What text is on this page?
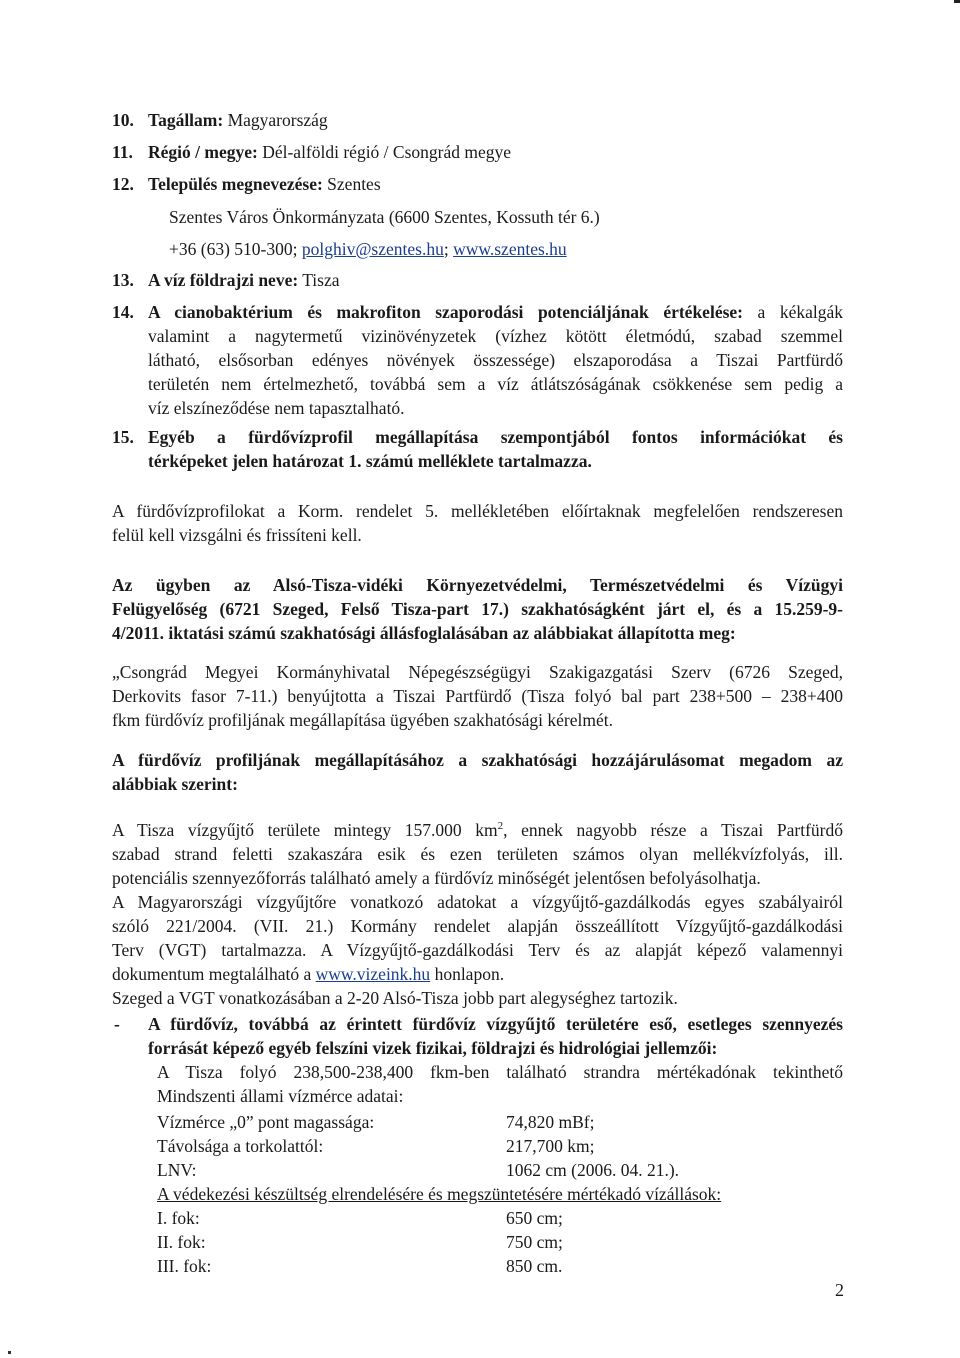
10. Tagállam: Magyarország
11. Régió / megye: Dél-alföldi régió / Csongrád megye
12. Település megnevezése: Szentes
Szentes Város Önkormányzata (6600 Szentes, Kossuth tér 6.)
+36 (63) 510-300; polghiv@szentes.hu; www.szentes.hu
13. A víz földrajzi neve: Tisza
14. A cianobaktérium és makrofiton szaporodási potenciáljának értékelése: a kékalgák
valamint a nagytermetű vizinövényzetek (vízhez kötött életmódú, szabad szemmel
látható, elsősorban edényes növények összessége) elszaporodása a Tiszai Partfürdő
területén nem értelmezhető, továbbá sem a víz átlátszóságának csökkenése sem pedig a
víz elszíneződése nem tapasztalható.
15. Egyéb a fürdővízprofil megállapítása szempontjából fontos információkat és
térképeket jelen határozat 1. számú melléklete tartalmazza.
A fürdővízprofilokat a Korm. rendelet 5. mellékletében előírtaknak megfelelően rendszeresen
felül kell vizsgálni és frissíteni kell.
Az ügyben az Alsó-Tisza-vidéki Környezetvédelmi, Természetvédelmi és Vízügyi
Felügyelőség (6721 Szeged, Felső Tisza-part 17.) szakhatóságként járt el, és a 15.259-9-
4/2011. iktatási számú szakhatósági állásfoglalásában az alábbiakat állapította meg:
„Csongrád Megyei Kormányhivatal Népegészségügyi Szakigazgatási Szerv (6726 Szeged,
Derkovits fasor 7-11.) benyújtotta a Tiszai Partfürdő (Tisza folyó bal part 238+500 – 238+400
fkm fürdővíz profiljának megállapítása ügyében szakhatósági kérelmét.
A fürdővíz profiljának megállapításához a szakhatósági hozzájárulásomat megadom az
alábbiak szerint:
A Tisza vízgyűjtő területe mintegy 157.000 $km^2$, ennek nagyobb része a Tiszai Partfürdő
szabad strand feletti szakaszára esik és ezen területen számos olyan mellékvízfolyás, ill.
potenciális szennyezőforrás található amely a fürdővíz minőségét jelentősen befolyásolhatja.
A Magyarországi vízgyűjtőre vonatkozó adatokat a vízgyűjtő-gazdálkodás egyes szabályairól
szóló 221/2004. (VII. 21.) Kormány rendelet alapján összeállított Vízgyűjtő-gazdálkodási
Terv (VGT) tartalmazza. A Vízgyűjtő-gazdálkodási Terv és az alapját képező valamennyi
dokumentum megtalálható a www.vizeink.hu honlapon.
Szeged a VGT vonatkozásában a 2-20 Alsó-Tisza jobb part alegységhez tartozik.
- A fürdővíz, továbbá az érintett fürdővíz vízgyűjtő területére eső, esetleges szennyezés
forrását képező egyéb felszíni vizek fizikai, földrajzi és hidrológiai jellemzői:
A Tisza folyó 238,500-238,400 fkm-ben található strandra mértékadónak tekinthető
Mindszenti állami vízmérce adatai:
Vízmérce „0” pont magassága:	74,820 mBf;
Távolsága a torkolattól:	217,700 km;
LNV:	1062 cm (2006. 04. 21.).
A védekezési készültség elrendelésére és megszüntetésére mértékadó vízállások:
I. fok:	650 cm;
II. fok:	750 cm;
III. fok:	850 cm.
2
